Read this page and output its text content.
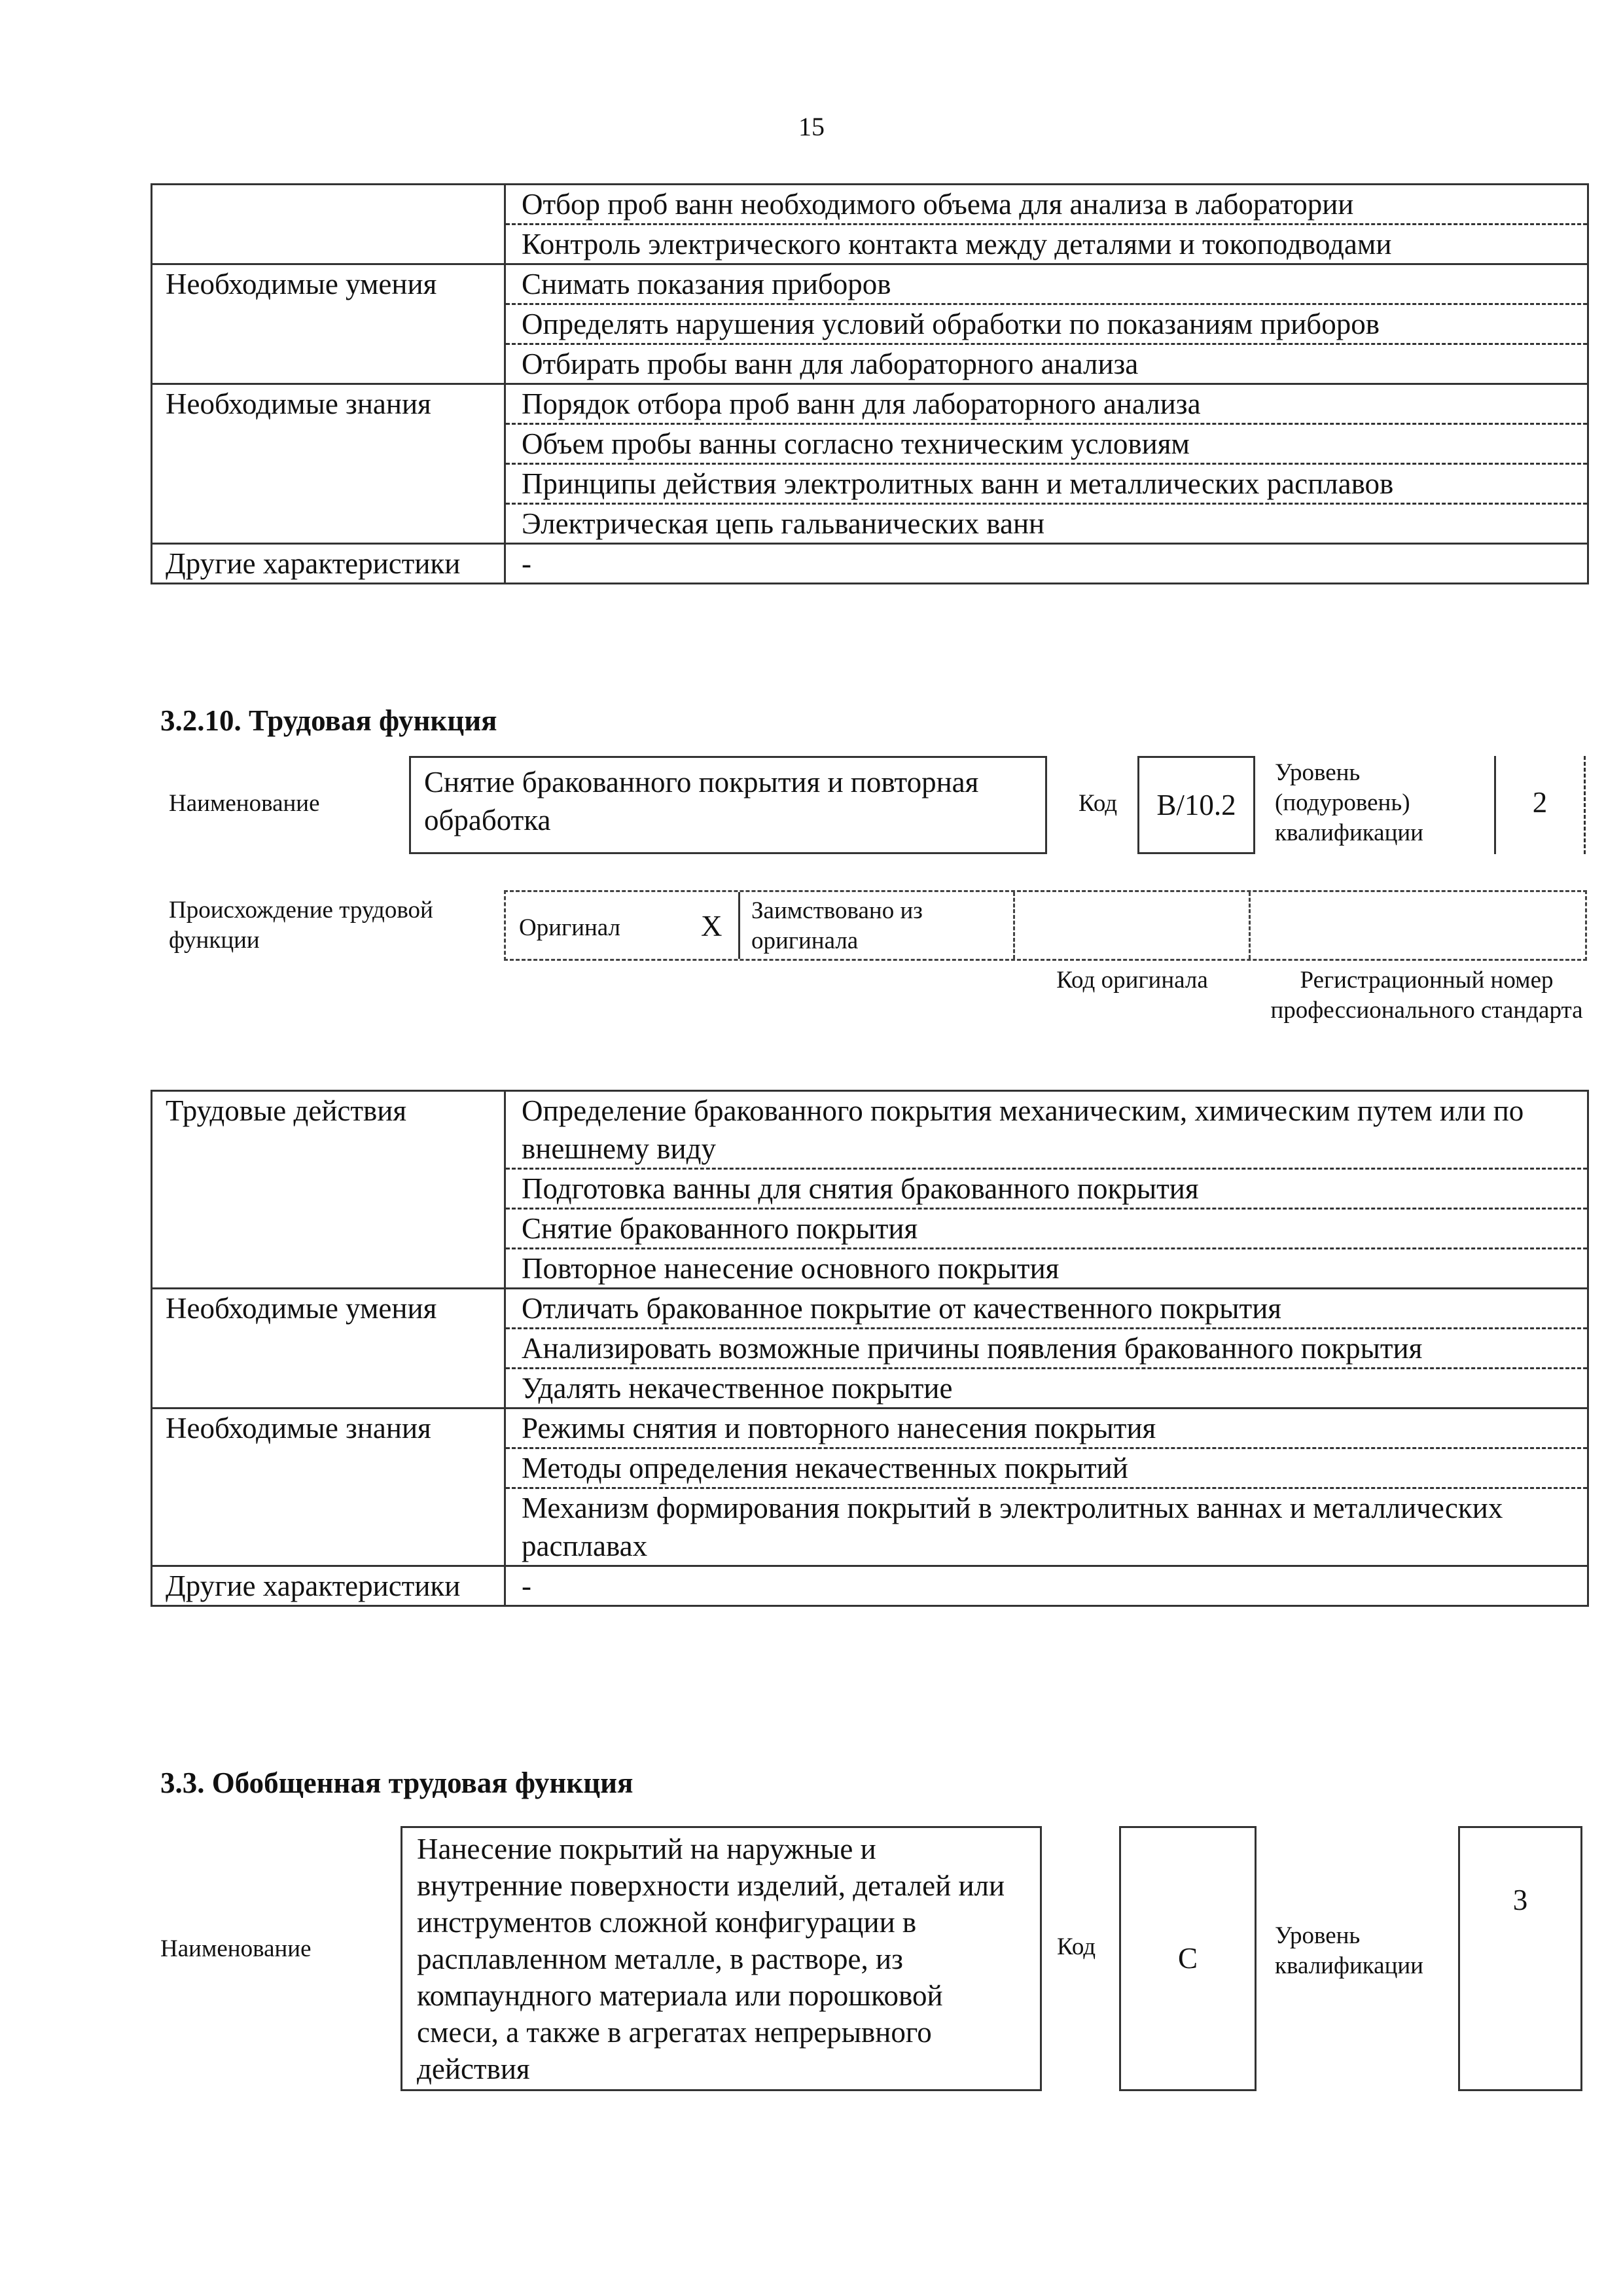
15
	Отбор проб ванн необходимого объема для анализа в лаборатории
	Контроль электрического контакта между деталями и токоподводами
Необходимые умения	Снимать показания приборов
	Определять нарушения условий обработки по показаниям приборов
	Отбирать пробы ванн для лабораторного анализа
Необходимые знания	Порядок отбора проб ванн для лабораторного анализа
	Объем пробы ванны согласно техническим условиям
	Принципы действия электролитных ванн и металлических расплавов
	Электрическая цепь гальванических ванн
Другие характеристики	-
3.2.10. Трудовая функция
Наименование
Снятие бракованного покрытия и повторная обработка
Код	B/10.2
Уровень (подуровень) квалификации
2
Происхождение трудовой функции	Оригинал	X Заимствовано из оригинала
Код оригинала	Регистрационный номер профессионального стандарта
Трудовые действия	Определение бракованного покрытия механическим, химическим путем или по внешнему виду
	Подготовка ванны для снятия бракованного покрытия
	Снятие бракованного покрытия
	Повторное нанесение основного покрытия
Необходимые умения	Отличать бракованное покрытие от качественного покрытия
	Анализировать возможные причины появления бракованного покрытия
	Удалять некачественное покрытие
Необходимые знания	Режимы снятия и повторного нанесения покрытия
	Методы определения некачественных покрытий
	Механизм формирования покрытий в электролитных ваннах и металлических расплавах
Другие характеристики	-
3.3. Обобщенная трудовая функция
Наименование
Нанесение покрытий на наружные и внутренние поверхности изделий, деталей или инструментов сложной конфигурации в расплавленном металле, в растворе, из компаундного материала или порошковой смеси, а также в агрегатах непрерывного действия
Код	C
Уровень квалификации
3
